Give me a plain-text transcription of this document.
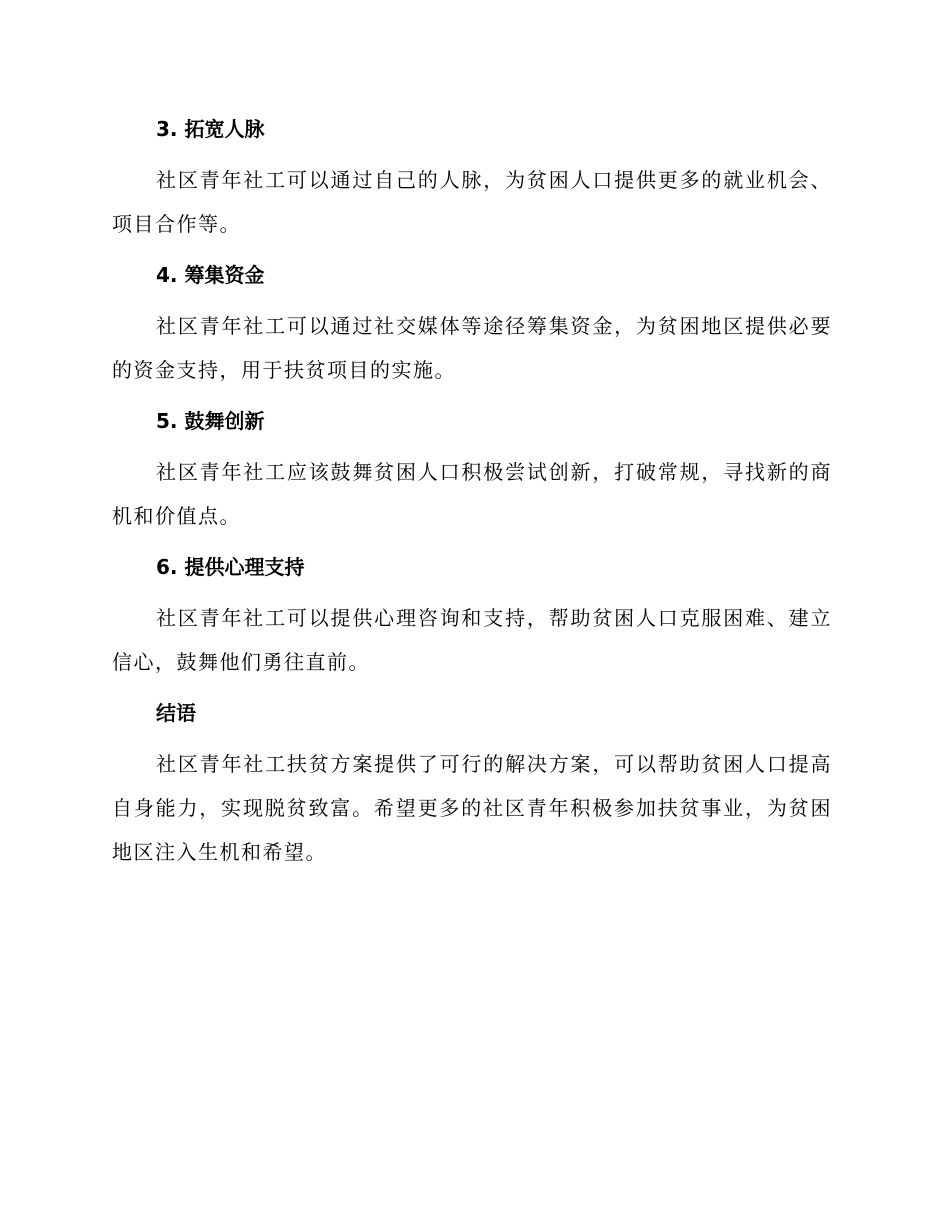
3. 拓宽人脉

社区青年社工可以通过自己的人脉，为贫困人口提供更多的就业机会、项目合作等。

4. 筹集资金

社区青年社工可以通过社交媒体等途径筹集资金，为贫困地区提供必要的资金支持，用于扶贫项目的实施。

5. 鼓舞创新

社区青年社工应该鼓舞贫困人口积极尝试创新，打破常规，寻找新的商机和价值点。

6. 提供心理支持

社区青年社工可以提供心理咨询和支持，帮助贫困人口克服困难、建立信心，鼓舞他们勇往直前。

结语

社区青年社工扶贫方案提供了可行的解决方案，可以帮助贫困人口提高自身能力，实现脱贫致富。希望更多的社区青年积极参加扶贫事业，为贫困地区注入生机和希望。
